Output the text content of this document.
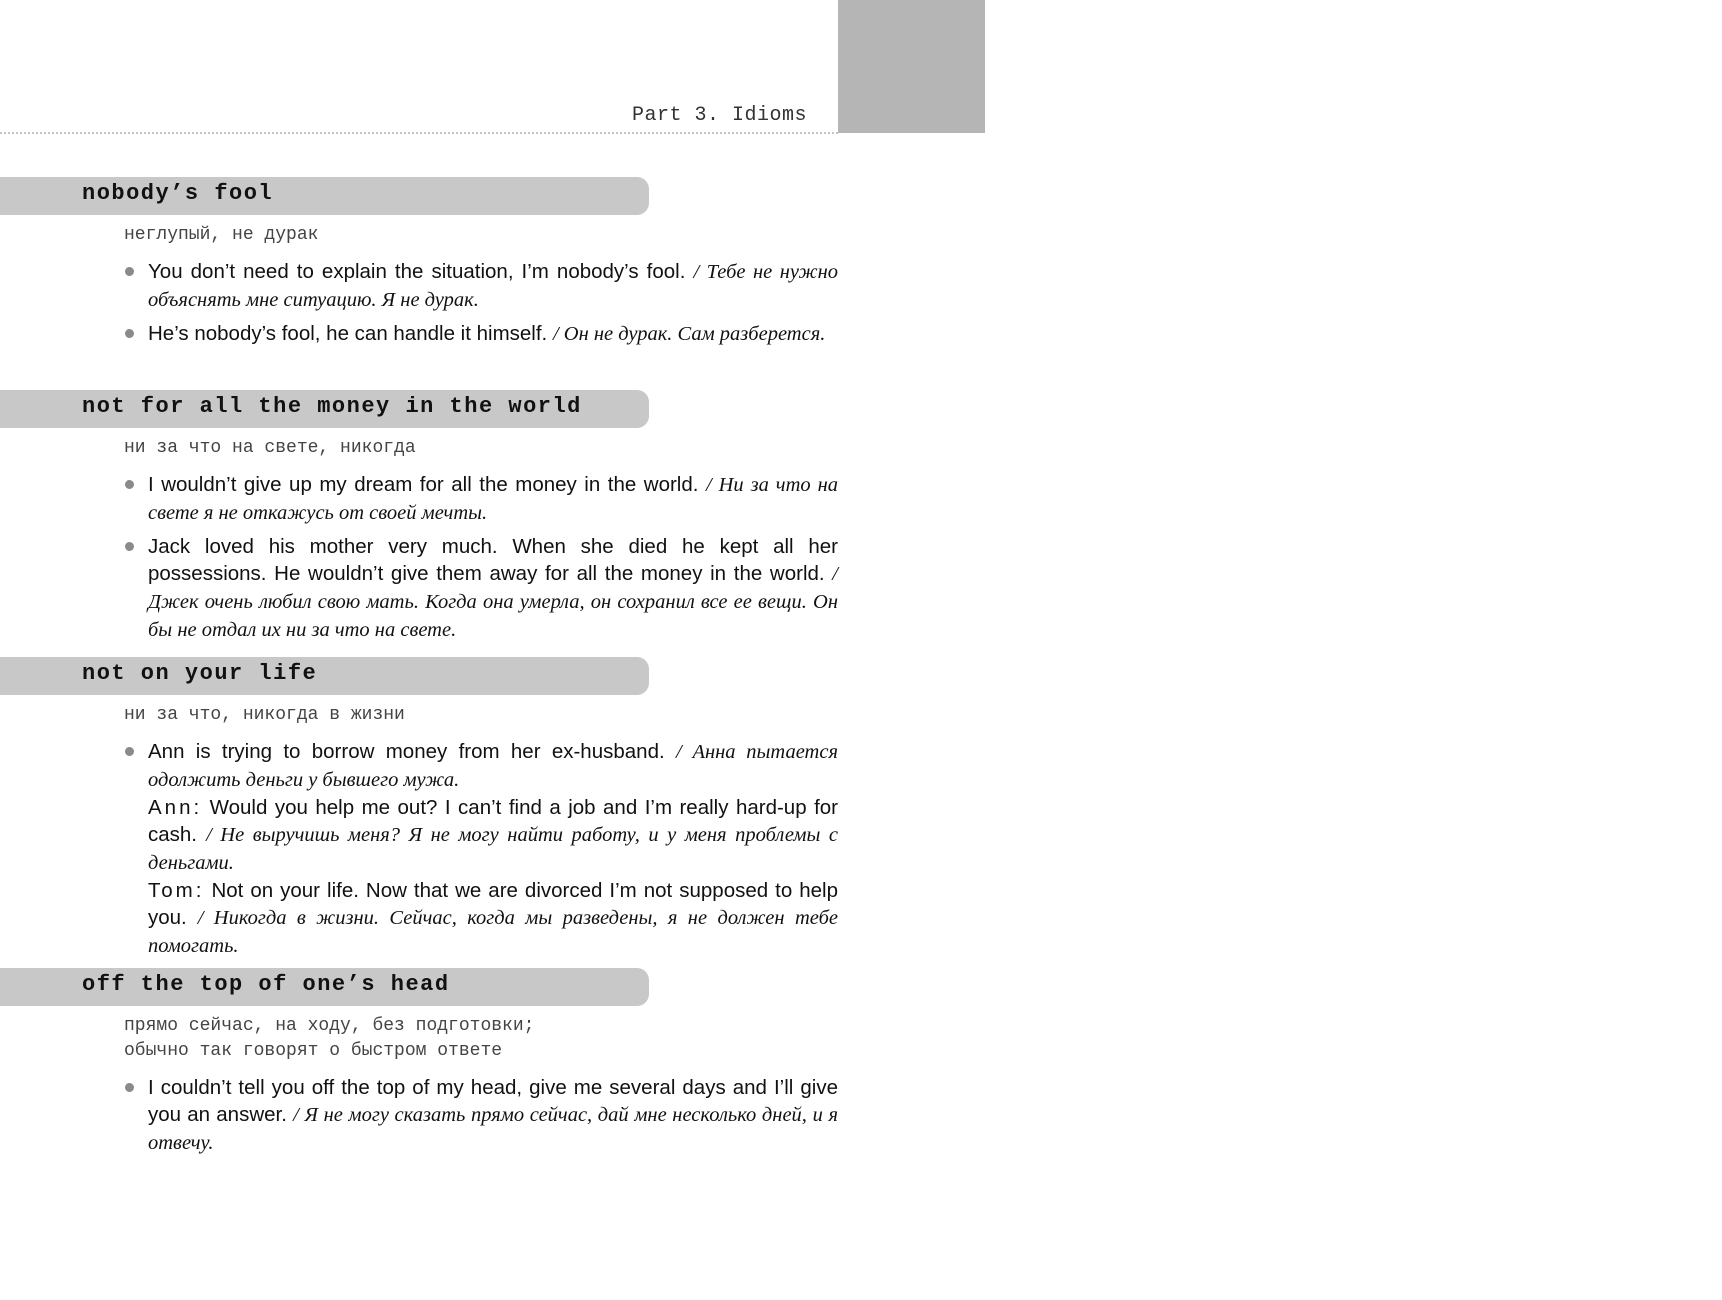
195
Part 3. Idioms
nobody’s fool
неглупый, не дурак
You don’t need to explain the situation, I’m nobody’s fool. / Тебе не нужно объяснять мне ситуацию. Я не дурак.
He’s nobody’s fool, he can handle it himself. / Он не дурак. Сам разберется.
not for all the money in the world
ни за что на свете, никогда
I wouldn’t give up my dream for all the money in the world. / Ни за что на свете я не откажусь от своей мечты.
Jack loved his mother very much. When she died he kept all her possessions. He wouldn’t give them away for all the money in the world. / Джек очень любил свою мать. Когда она умерла, он сохранил все ее вещи. Он бы не отдал их ни за что на свете.
not on your life
ни за что, никогда в жизни
Ann is trying to borrow money from her ex-husband. / Анна пытается одолжить деньги у бывшего мужа.
Ann: Would you help me out? I can’t find a job and I’m really hard-up for cash. / Не выручишь меня? Я не могу найти работу, и у меня проблемы с деньгами.
Tom: Not on your life. Now that we are divorced I’m not supposed to help you. / Никогда в жизни. Сейчас, когда мы разведены, я не должен тебе помогать.
off the top of one’s head
прямо сейчас, на ходу, без подготовки;
обычно так говорят о быстром ответе
I couldn’t tell you off the top of my head, give me several days and I’ll give you an answer. / Я не могу сказать прямо сейчас, дай мне несколько дней, и я отвечу.
